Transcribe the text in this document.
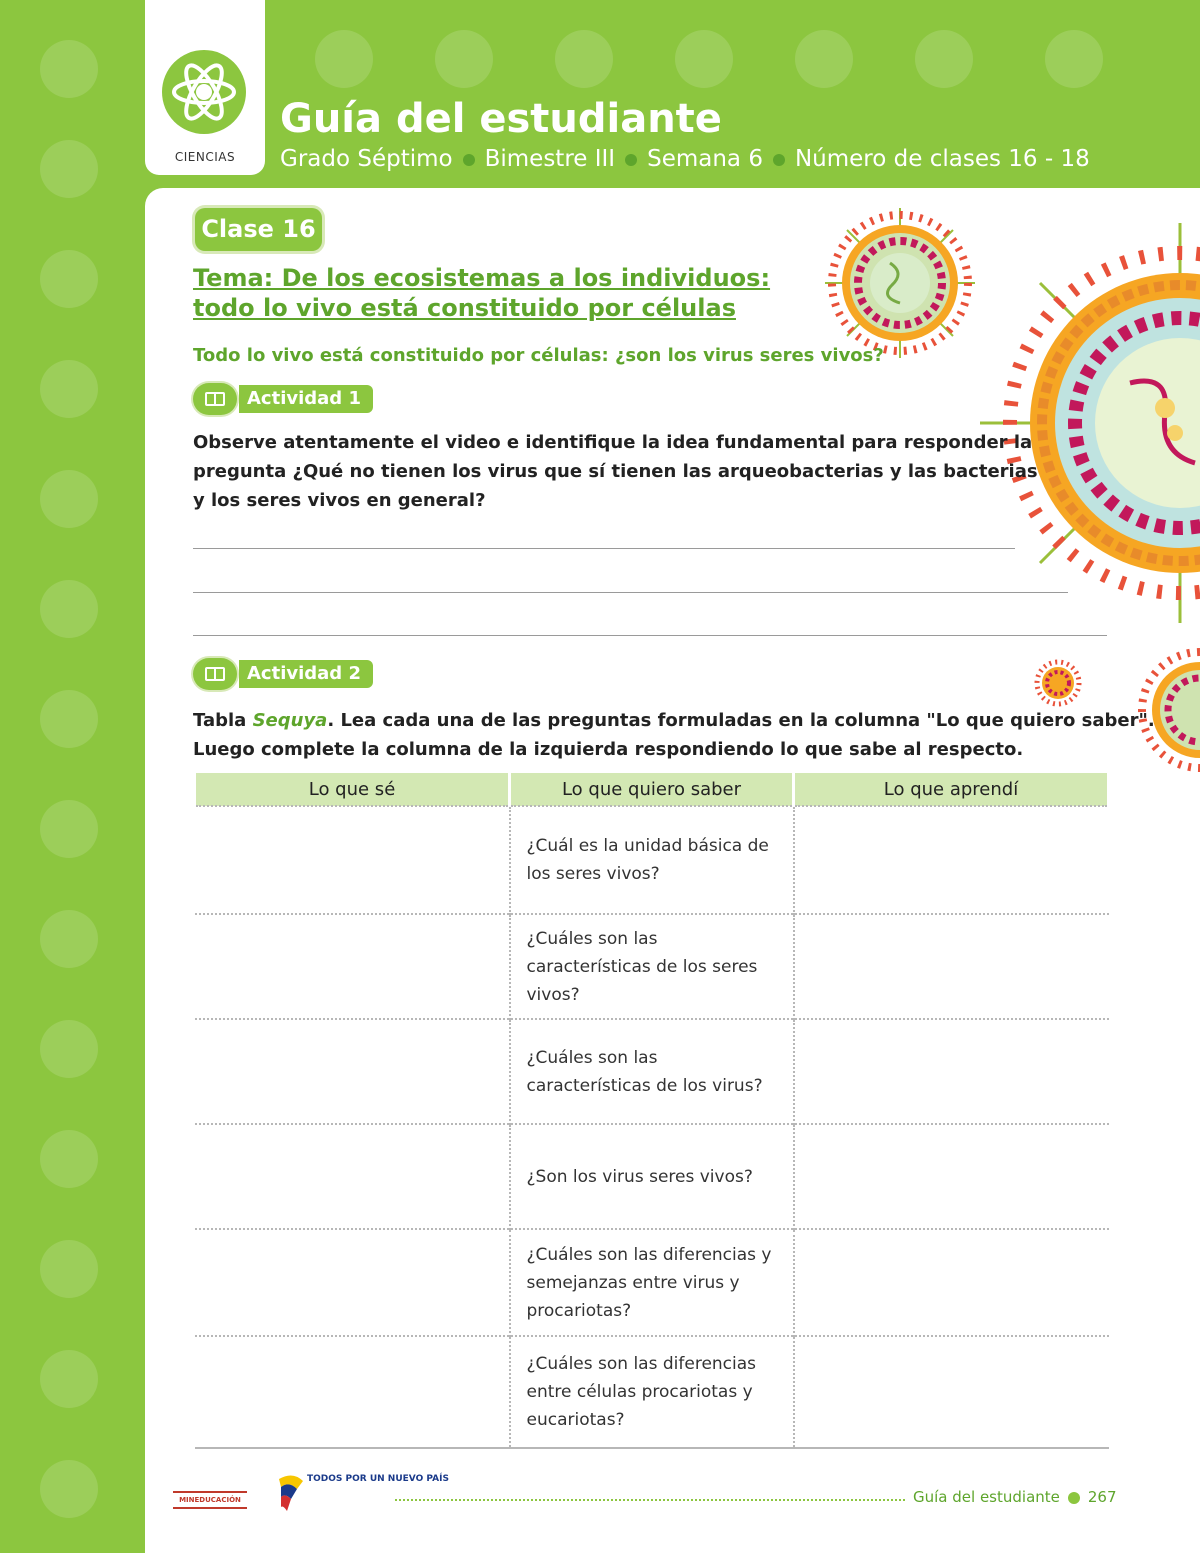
CIENCIAS
Guía del estudiante
Grado Séptimo Bimestre III Semana 6 Número de clases 16 - 18
Clase 16
Tema: De los ecosistemas a los individuos:
todo lo vivo está constituido por células
Todo lo vivo está constituido por células: ¿son los virus seres vivos?
Actividad 1

Observe atentamente el video e identifique la idea fundamental para responder la
pregunta ¿Qué no tienen los virus que sí tienen las arqueobacterias y las bacterias
y los seres vivos en general?

Actividad 2

Tabla Sequya. Lea cada una de las preguntas formuladas en la columna "Lo que quiero saber".
Luego complete la columna de la izquierda respondiendo lo que sabe al respecto.

Lo que sé	Lo que quiero saber	Lo que aprendí
	¿Cuál es la unidad básica de los seres vivos?	
	¿Cuáles son las características de los seres vivos?	
	¿Cuáles son las características de los virus?	
	¿Son los virus seres vivos?	
	¿Cuáles son las diferencias y semejanzas entre virus y procariotas?	
	¿Cuáles son las diferencias entre células procariotas y eucariotas?	
MINEDUCACIÓN
TODOS POR UN NUEVO PAÍS
Guía del estudiante 267
